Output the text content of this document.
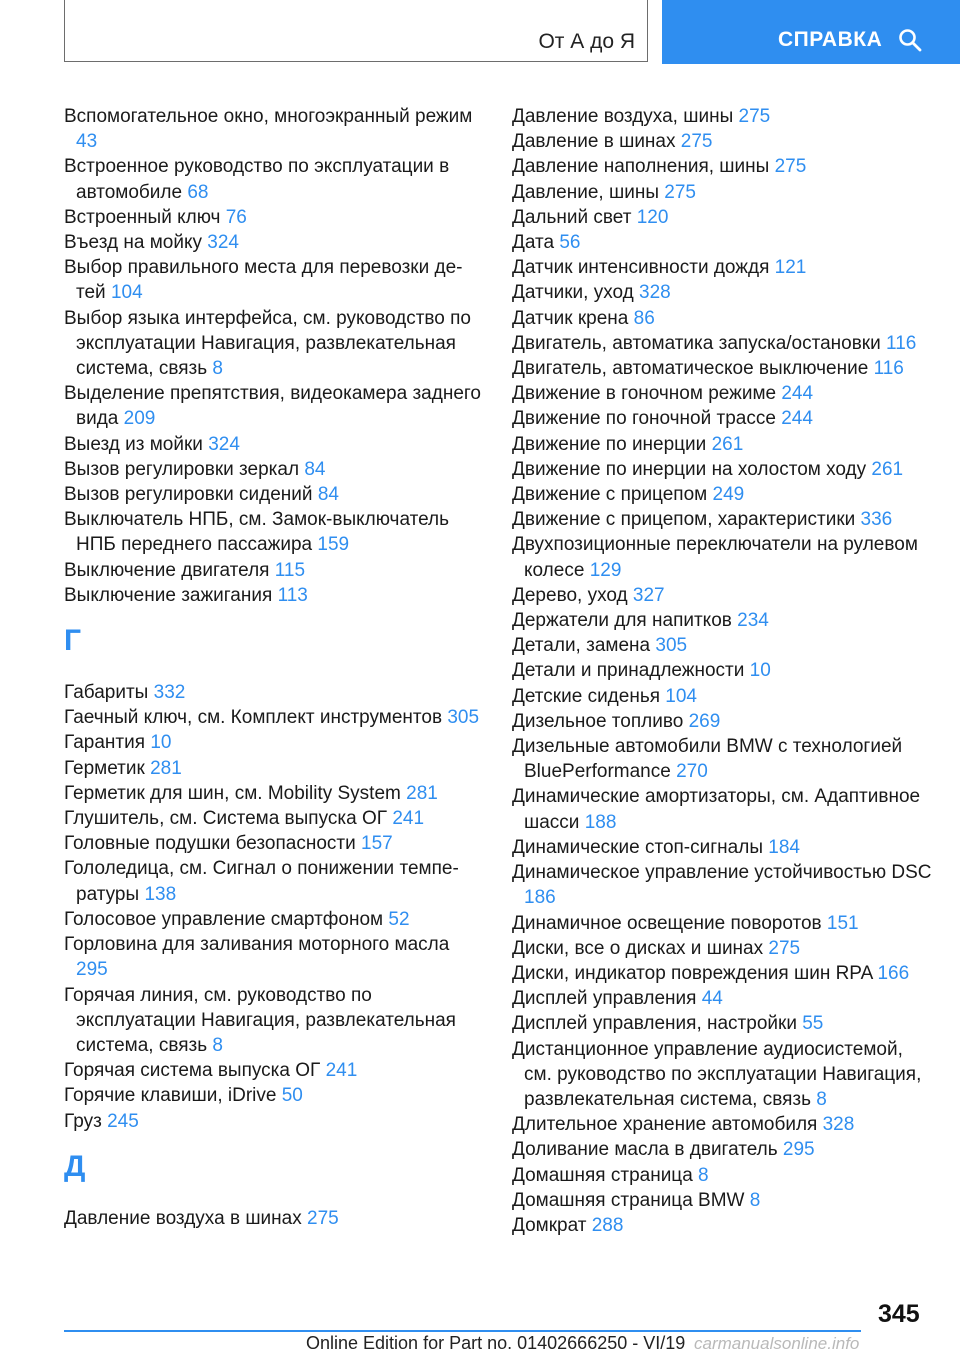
От А до Я	СПРАВКА
Вспомогательное окно, многоэкранный режим 43
Встроенное руководство по эксплуатации в автомобиле 68
Встроенный ключ 76
Въезд на мойку 324
Выбор правильного места для перевозки детей 104
Выбор языка интерфейса, см. руководство по эксплуатации Навигация, развлекательная система, связь 8
Выделение препятствия, видеокамера заднего вида 209
Выезд из мойки 324
Вызов регулировки зеркал 84
Вызов регулировки сидений 84
Выключатель НПБ, см. Замок-выключатель НПБ переднего пассажира 159
Выключение двигателя 115
Выключение зажигания 113
Г
Габариты 332
Гаечный ключ, см. Комплект инструментов 305
Гарантия 10
Герметик 281
Герметик для шин, см. Mobility System 281
Глушитель, см. Система выпуска ОГ 241
Головные подушки безопасности 157
Гололедица, см. Сигнал о понижении температуры 138
Голосовое управление смартфоном 52
Горловина для заливания моторного масла 295
Горячая линия, см. руководство по эксплуатации Навигация, развлекательная система, связь 8
Горячая система выпуска ОГ 241
Горячие клавиши, iDrive 50
Груз 245
Д
Давление воздуха в шинах 275
Давление воздуха, шины 275
Давление в шинах 275
Давление наполнения, шины 275
Давление, шины 275
Дальний свет 120
Дата 56
Датчик интенсивности дождя 121
Датчики, уход 328
Датчик крена 86
Двигатель, автоматика запуска/остановки 116
Двигатель, автоматическое выключение 116
Движение в гоночном режиме 244
Движение по гоночной трассе 244
Движение по инерции 261
Движение по инерции на холостом ходу 261
Движение с прицепом 249
Движение с прицепом, характеристики 336
Двухпозиционные переключатели на рулевом колесе 129
Дерево, уход 327
Держатели для напитков 234
Детали, замена 305
Детали и принадлежности 10
Детские сиденья 104
Дизельное топливо 269
Дизельные автомобили BMW с технологией BluePerformance 270
Динамические амортизаторы, см. Адаптивное шасси 188
Динамические стоп-сигналы 184
Динамическое управление устойчивостью DSC 186
Динамичное освещение поворотов 151
Диски, все о дисках и шинах 275
Диски, индикатор повреждения шин RPA 166
Дисплей управления 44
Дисплей управления, настройки 55
Дистанционное управление аудиосистемой, см. руководство по эксплуатации Навигация, развлекательная система, связь 8
Длительное хранение автомобиля 328
Доливание масла в двигатель 295
Домашняя страница 8
Домашняя страница BMW 8
Домкрат 288
345
Online Edition for Part no. 01402666250 - VI/19 carmanualsonline.info
